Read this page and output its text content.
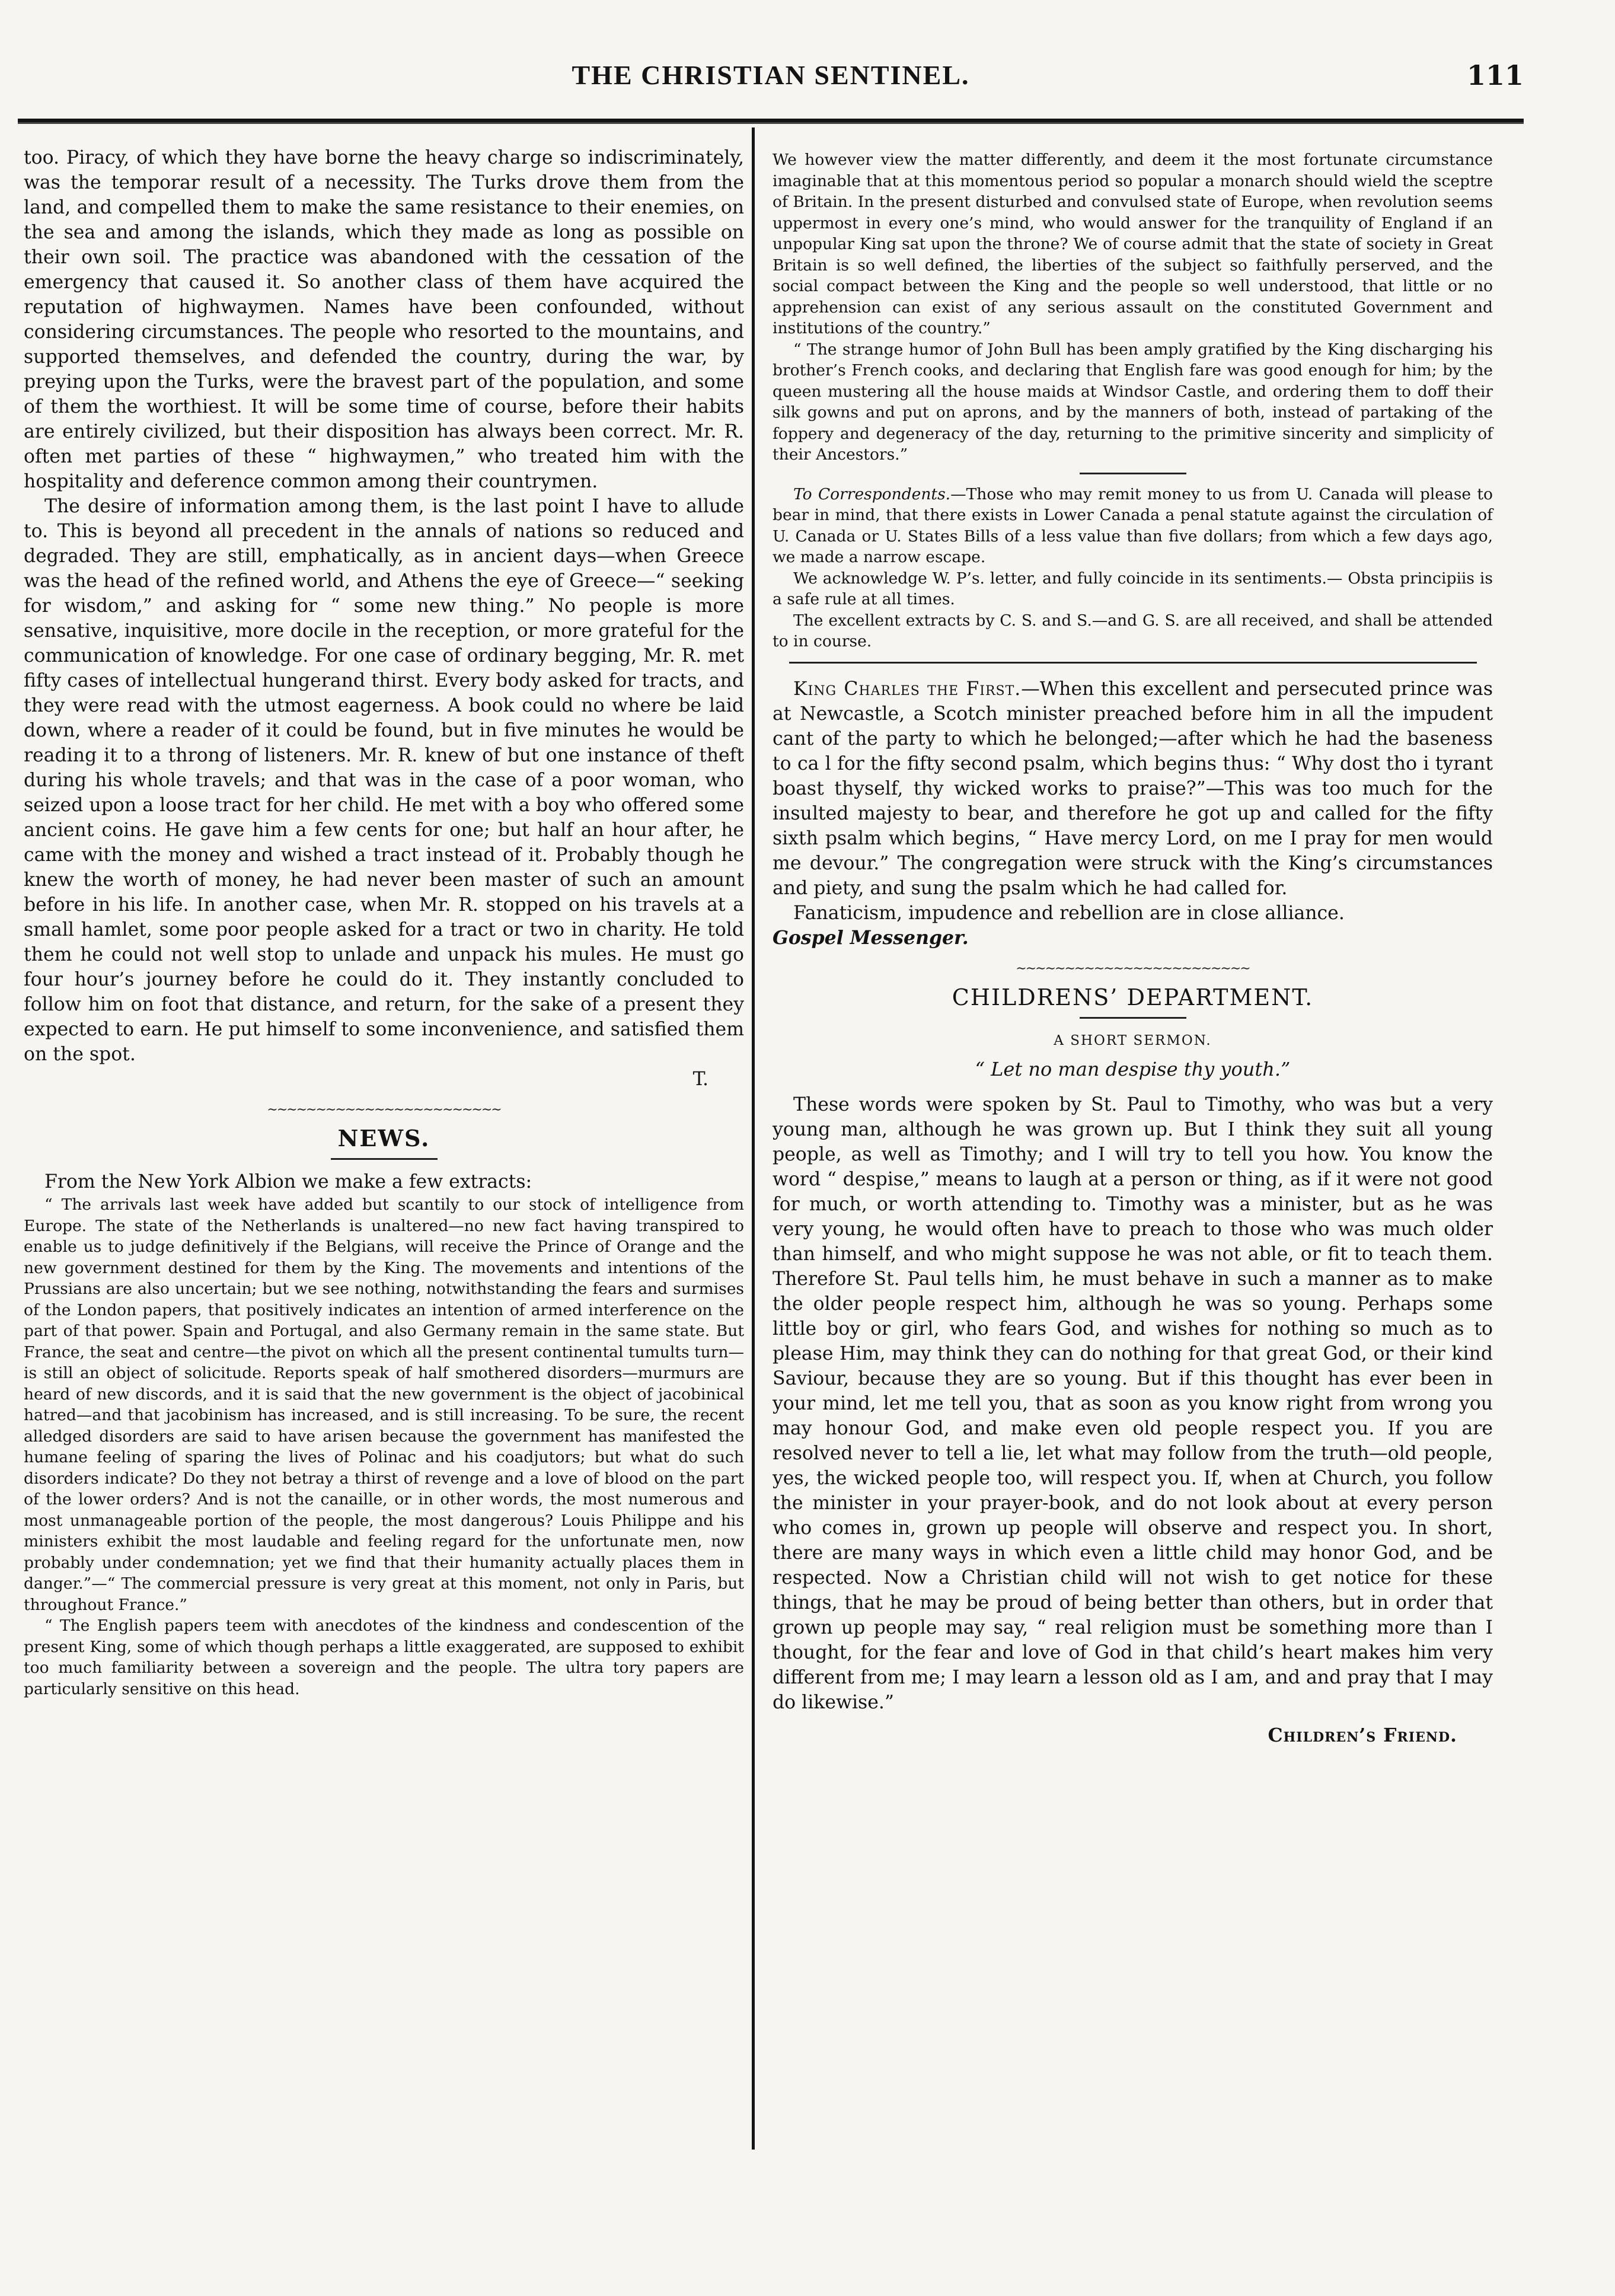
THE CHRISTIAN SENTINEL.	111

too. Piracy, of which they have borne the heavy charge so indiscriminately, was the temporar result of a necessity. The Turks drove them from the land, and compelled them to make the same resistance to their enemies, on the sea and among the islands, which they made as long as possible on their own soil. The practice was abandoned with the cessation of the emergency that caused it. So another class of them have acquired the reputation of highwaymen. Names have been confounded, without considering circumstances. The people who resorted to the mountains, and supported themselves, and defended the country, during the war, by preying upon the Turks, were the bravest part of the population, and some of them the worthiest. It will be some time of course, before their habits are entirely civilized, but their disposition has always been correct. Mr. R. often met parties of these “ highwaymen,” who treated him with the hospitality and deference common among their countrymen.

The desire of information among them, is the last point I have to allude to. This is beyond all precedent in the annals of nations so reduced and degraded. They are still, emphatically, as in ancient days—when Greece was the head of the refined world, and Athens the eye of Greece—“ seeking for wisdom,” and asking for “ some new thing.” No people is more sensative, inquisitive, more docile in the reception, or more grateful for the communication of knowledge. For one case of ordinary begging, Mr. R. met fifty cases of intellectual hungerand thirst. Every body asked for tracts, and they were read with the utmost eagerness. A book could no where be laid down, where a reader of it could be found, but in five minutes he would be reading it to a throng of listeners. Mr. R. knew of but one instance of theft during his whole travels; and that was in the case of a poor woman, who seized upon a loose tract for her child. He met with a boy who offered some ancient coins. He gave him a few cents for one; but half an hour after, he came with the money and wished a tract instead of it. Probably though he knew the worth of money, he had never been master of such an amount before in his life. In another case, when Mr. R. stopped on his travels at a small hamlet, some poor people asked for a tract or two in charity. He told them he could not well stop to unlade and unpack his mules. He must go four hour’s journey before he could do it. They instantly concluded to follow him on foot that distance, and return, for the sake of a present they expected to earn. He put himself to some inconvenience, and satisfied them on the spot.

T.

∼∼∼∼∼∼∼∼∼∼∼∼∼∼∼∼∼∼∼∼∼∼∼∼

NEWS.

From the New York Albion we make a few extracts:

“ The arrivals last week have added but scantily to our stock of intelligence from Europe. The state of the Netherlands is unaltered—no new fact having transpired to enable us to judge definitively if the Belgians, will receive the Prince of Orange and the new government destined for them by the King. The movements and intentions of the Prussians are also uncertain; but we see nothing, notwithstanding the fears and surmises of the London papers, that positively indicates an intention of armed interference on the part of that power. Spain and Portugal, and also Germany remain in the same state. But France, the seat and centre—the pivot on which all the present continental tumults turn—is still an object of solicitude. Reports speak of half smothered disorders—murmurs are heard of new discords, and it is said that the new government is the object of jacobinical hatred—and that jacobinism has increased, and is still increasing. To be sure, the recent alledged disorders are said to have arisen because the government has manifested the humane feeling of sparing the lives of Polinac and his coadjutors; but what do such disorders indicate? Do they not betray a thirst of revenge and a love of blood on the part of the lower orders? And is not the canaille, or in other words, the most numerous and most unmanageable portion of the people, the most dangerous? Louis Philippe and his ministers exhibit the most laudable and feeling regard for the unfortunate men, now probably under condemnation; yet we find that their humanity actually places them in danger.”—“ The commercial pressure is very great at this moment, not only in Paris, but throughout France.”

“ The English papers teem with anecdotes of the kindness and condescention of the present King, some of which though perhaps a little exaggerated, are supposed to exhibit too much familiarity between a sovereign and the people. The ultra tory papers are particularly sensitive on this head.

We however view the matter differently, and deem it the most fortunate circumstance imaginable that at this momentous period so popular a monarch should wield the sceptre of Britain. In the present disturbed and convulsed state of Europe, when revolution seems uppermost in every one’s mind, who would answer for the tranquility of England if an unpopular King sat upon the throne? We of course admit that the state of society in Great Britain is so well defined, the liberties of the subject so faithfully perserved, and the social compact between the King and the people so well understood, that little or no apprehension can exist of any serious assault on the constituted Government and institutions of the country.”

“ The strange humor of John Bull has been amply gratified by the King discharging his brother’s French cooks, and declaring that English fare was good enough for him; by the queen mustering all the house maids at Windsor Castle, and ordering them to doff their silk gowns and put on aprons, and by the manners of both, instead of partaking of the foppery and degeneracy of the day, returning to the primitive sincerity and simplicity of their Ancestors.”

To Correspondents.—Those who may remit money to us from U. Canada will please to bear in mind, that there exists in Lower Canada a penal statute against the circulation of U. Canada or U. States Bills of a less value than five dollars; from which a few days ago, we made a narrow escape.

We acknowledge W. P’s. letter, and fully coincide in its sentiments.— Obsta principiis is a safe rule at all times.

The excellent extracts by C. S. and S.—and G. S. are all received, and shall be attended to in course.

King Charles the First.—When this excellent and persecuted prince was at Newcastle, a Scotch minister preached before him in all the impudent cant of the party to which he belonged;—after which he had the baseness to ca l for the fifty second psalm, which begins thus: “ Why dost tho i tyrant boast thyself, thy wicked works to praise?”—This was too much for the insulted majesty to bear, and therefore he got up and called for the fifty sixth psalm which begins, “ Have mercy Lord, on me I pray for men would me devour.” The congregation were struck with the King’s circumstances and piety, and sung the psalm which he had called for.

Fanaticism, impudence and rebellion are in close alliance.

Gospel Messenger.

∼∼∼∼∼∼∼∼∼∼∼∼∼∼∼∼∼∼∼∼∼∼∼∼

CHILDRENS’ DEPARTMENT.

A SHORT SERMON.

“ Let no man despise thy youth.”

These words were spoken by St. Paul to Timothy, who was but a very young man, although he was grown up. But I think they suit all young people, as well as Timothy; and I will try to tell you how. You know the word “ despise,” means to laugh at a person or thing, as if it were not good for much, or worth attending to. Timothy was a minister, but as he was very young, he would often have to preach to those who was much older than himself, and who might suppose he was not able, or fit to teach them. Therefore St. Paul tells him, he must behave in such a manner as to make the older people respect him, although he was so young. Perhaps some little boy or girl, who fears God, and wishes for nothing so much as to please Him, may think they can do nothing for that great God, or their kind Saviour, because they are so young. But if this thought has ever been in your mind, let me tell you, that as soon as you know right from wrong you may honour God, and make even old people respect you. If you are resolved never to tell a lie, let what may follow from the truth—old people, yes, the wicked people too, will respect you. If, when at Church, you follow the minister in your prayer-book, and do not look about at every person who comes in, grown up people will observe and respect you. In short, there are many ways in which even a little child may honor God, and be respected. Now a Christian child will not wish to get notice for these things, that he may be proud of being better than others, but in order that grown up people may say, “ real religion must be something more than I thought, for the fear and love of God in that child’s heart makes him very different from me; I may learn a lesson old as I am, and and pray that I may do likewise.”

Children’s Friend.
